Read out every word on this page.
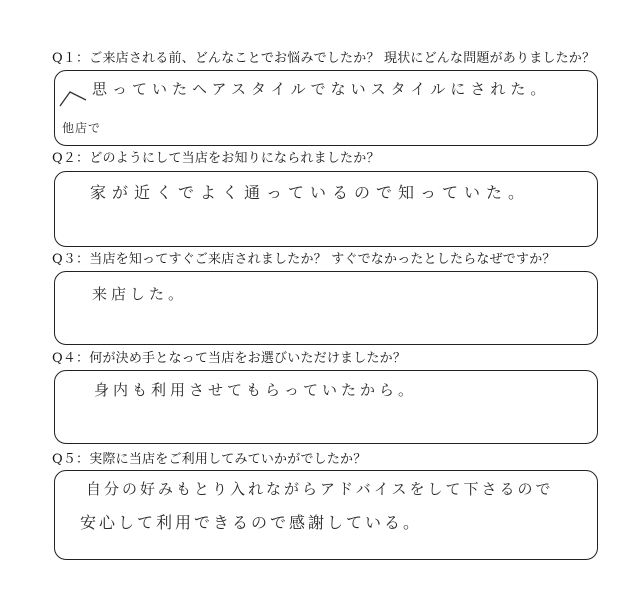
Q１：ご来店される前、どんなことでお悩みでしたか？ 現状にどんな問題がありましたか？
思っていたヘアスタイルでないスタイルにされた。
他店で
Q２：どのようにして当店をお知りになられましたか？
家が近くでよく通っているので知っていた。
Q３：当店を知ってすぐご来店されましたか？ すぐでなかったとしたらなぜですか？
来店した。
Q４：何が決め手となって当店をお選びいただけましたか？
身内も利用させてもらっていたから。
Q５：実際に当店をご利用してみていかがでしたか？
自分の好みもとり入れながらアドバイスをして下さるので
安心して利用できるので感謝している。
